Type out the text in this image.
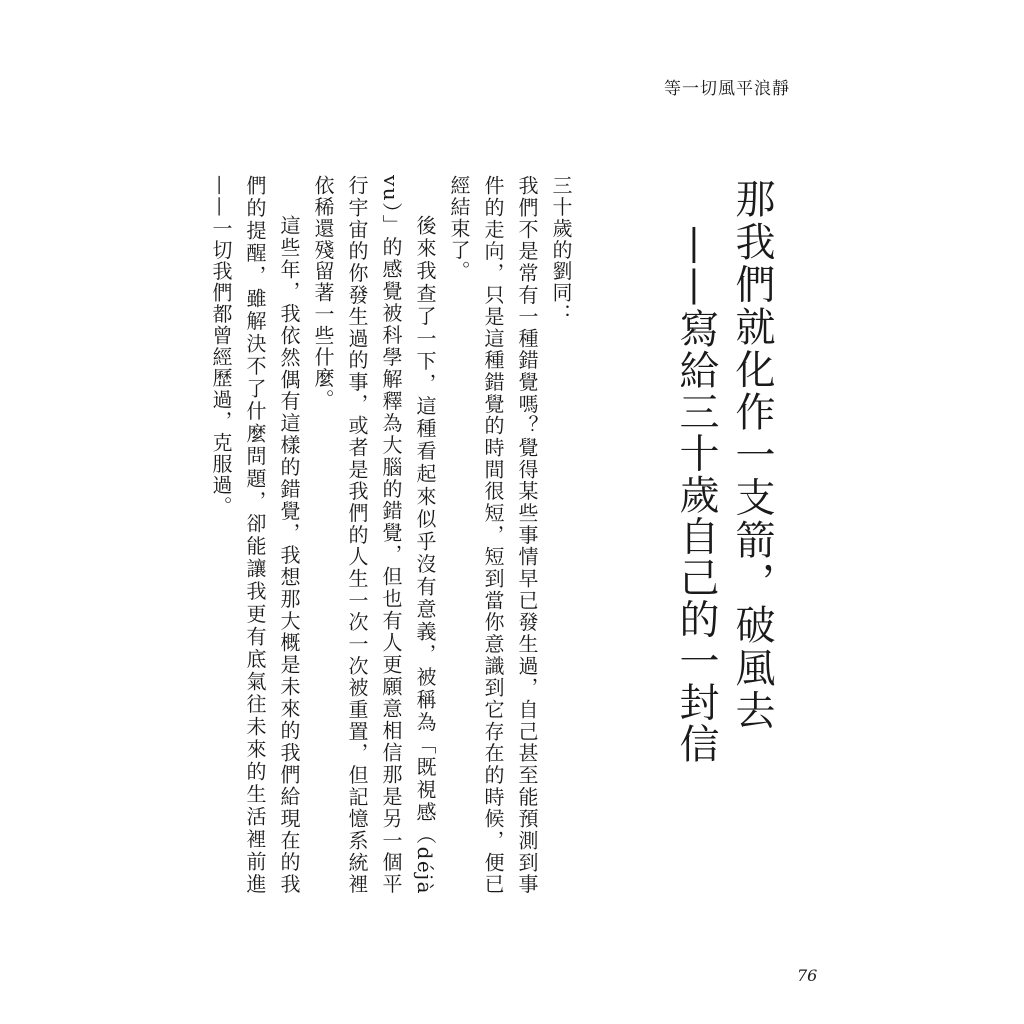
等一切風平浪靜
那我們就化作一支箭，破風去
——寫給三十歲自己的一封信

三十歲的劉同：

我們不是常有一種錯覺嗎？覺得某些事情早已發生過，自己甚至能預測到事件的走向，只是這種錯覺的時間很短，短到當你意識到它存在的時候，便已經結束了。

後來我查了一下，這種看起來似乎沒有意義，被稱為「既視感（déjà vu）」的感覺被科學解釋為大腦的錯覺，但也有人更願意相信那是另一個平行宇宙的你發生過的事，或者是我們的人生一次一次被重置，但記憶系統裡依稀還殘留著一些什麼。

這些年，我依然偶有這樣的錯覺，我想那大概是未來的我們給現在的我們的提醒，雖解決不了什麼問題，卻能讓我更有底氣往未來的生活裡前進——一切我們都曾經歷過，克服過。

76
